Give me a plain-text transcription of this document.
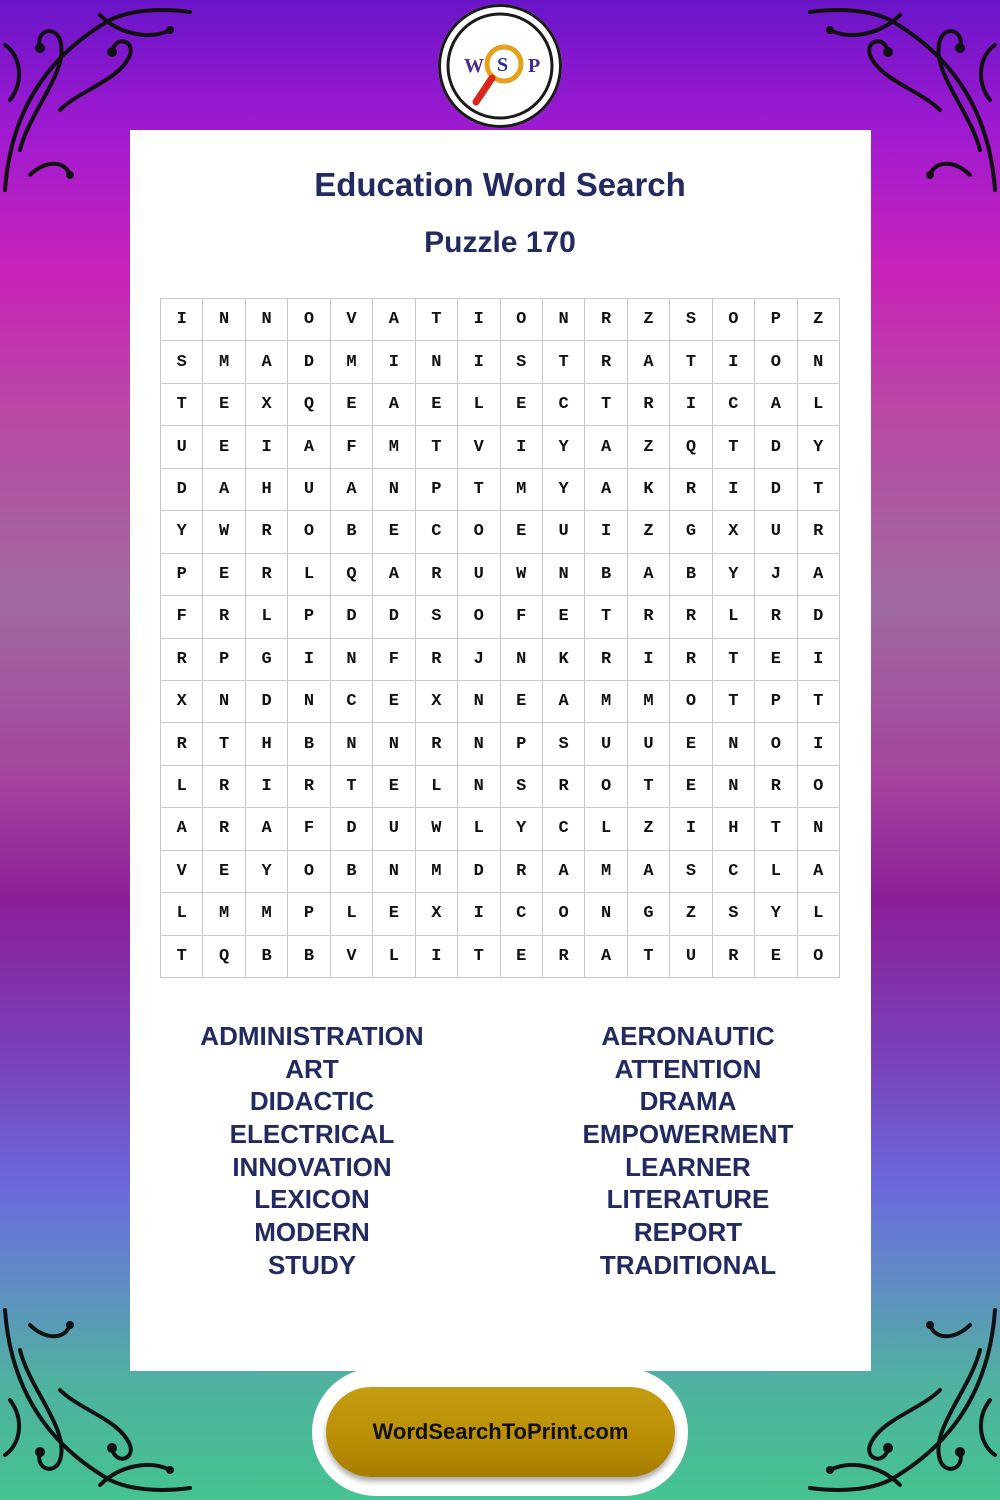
W S P
Education Word Search
Puzzle 170
I	N	N	O	V	A	T	I	O	N	R	Z	S	O	P	Z
S	M	A	D	M	I	N	I	S	T	R	A	T	I	O	N
T	E	X	Q	E	A	E	L	E	C	T	R	I	C	A	L
U	E	I	A	F	M	T	V	I	Y	A	Z	Q	T	D	Y
D	A	H	U	A	N	P	T	M	Y	A	K	R	I	D	T
Y	W	R	O	B	E	C	O	E	U	I	Z	G	X	U	R
P	E	R	L	Q	A	R	U	W	N	B	A	B	Y	J	A
F	R	L	P	D	D	S	O	F	E	T	R	R	L	R	D
R	P	G	I	N	F	R	J	N	K	R	I	R	T	E	I
X	N	D	N	C	E	X	N	E	A	M	M	O	T	P	T
R	T	H	B	N	N	R	N	P	S	U	U	E	N	O	I
L	R	I	R	T	E	L	N	S	R	O	T	E	N	R	O
A	R	A	F	D	U	W	L	Y	C	L	Z	I	H	T	N
V	E	Y	O	B	N	M	D	R	A	M	A	S	C	L	A
L	M	M	P	L	E	X	I	C	O	N	G	Z	S	Y	L
T	Q	B	B	V	L	I	T	E	R	A	T	U	R	E	O
ADMINISTRATION
ART
DIDACTIC
ELECTRICAL
INNOVATION
LEXICON
MODERN
STUDY
AERONAUTIC
ATTENTION
DRAMA
EMPOWERMENT
LEARNER
LITERATURE
REPORT
TRADITIONAL
WordSearchToPrint.com
